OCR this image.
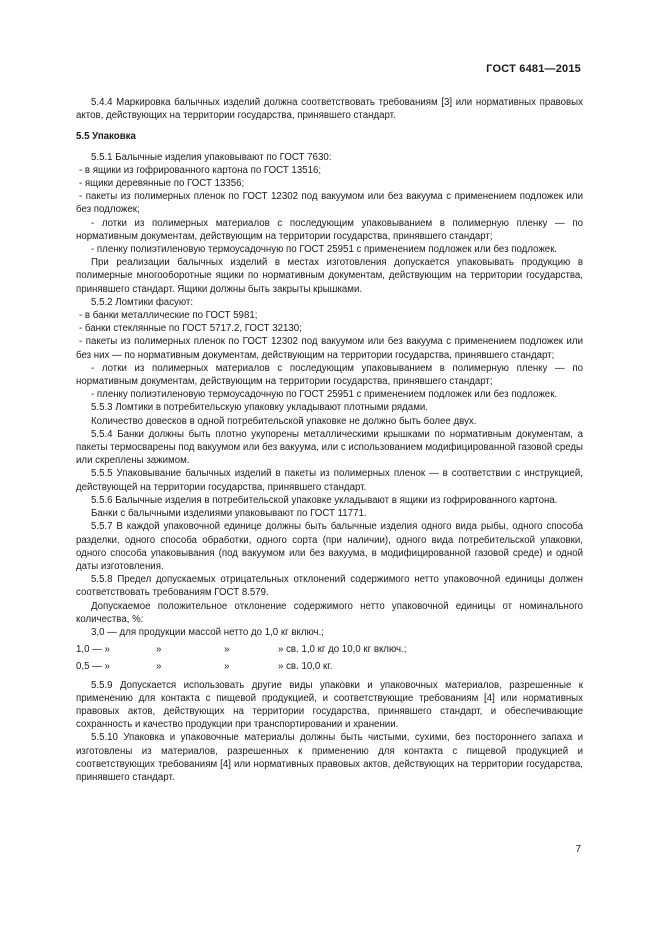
ГОСТ 6481—2015

5.4.4 Маркировка балычных изделий должна соответствовать требованиям [3] или нормативных правовых актов, действующих на территории государства, принявшего стандарт.

5.5 Упаковка

5.5.1 Балычные изделия упаковывают по ГОСТ 7630:

- в ящики из гофрированного картона по ГОСТ 13516;

- ящики деревянные по ГОСТ 13356;

- пакеты из полимерных пленок по ГОСТ 12302 под вакуумом или без вакуума с применением подложек или без подложек;

- лотки из полимерных материалов с последующим упаковыванием в полимерную пленку — по нормативным документам, действующим на территории государства, принявшего стандарт;

- пленку полиэтиленовую термоусадочную по ГОСТ 25951 с применением подложек или без подложек.

При реализации балычных изделий в местах изготовления допускается упаковывать продукцию в полимерные многооборотные ящики по нормативным документам, действующим на территории государства, принявшего стандарт. Ящики должны быть закрыты крышками.

5.5.2 Ломтики фасуют:

- в банки металлические по ГОСТ 5981;

- банки стеклянные по ГОСТ 5717.2, ГОСТ 32130;

- пакеты из полимерных пленок по ГОСТ 12302 под вакуумом или без вакуума с применением подложек или без них — по нормативным документам, действующим на территории государства, принявшего стандарт;

- лотки из полимерных материалов с последующим упаковыванием в полимерную пленку — по нормативным документам, действующим на территории государства, принявшего стандарт;

- пленку полиэтиленовую термоусадочную по ГОСТ 25951 с применением подложек или без подложек.

5.5.3 Ломтики в потребительскую упаковку укладывают плотными рядами.

Количество довесков в одной потребительской упаковке не должно быть более двух.

5.5.4 Банки должны быть плотно укупорены металлическими крышками по нормативным документам, а пакеты термосварены под вакуумом или без вакуума, или с использованием модифицированной газовой среды или скреплены зажимом.

5.5.5 Упаковывание балычных изделий в пакеты из полимерных пленок — в соответствии с инструкцией, действующей на территории государства, принявшего стандарт.

5.5.6 Балычные изделия в потребительской упаковке укладывают в ящики из гофрированного картона.

Банки с балычными изделиями упаковывают по ГОСТ 11771.

5.5.7 В каждой упаковочной единице должны быть балычные изделия одного вида рыбы, одного способа разделки, одного способа обработки, одного сорта (при наличии), одного вида потребительской упаковки, одного способа упаковывания (под вакуумом или без вакуума, в модифицированной газовой среде) и одной даты изготовления.

5.5.8 Предел допускаемых отрицательных отклонений содержимого нетто упаковочной единицы должен соответствовать требованиям ГОСТ 8.579.

Допускаемое положительное отклонение содержимого нетто упаковочной единицы от номинального количества, %:

3,0 — для продукции массой нетто до 1,0 кг включ.;

1,0 — »	»	»	» св. 1,0 кг до 10,0 кг включ.;
0,5 — »	»	»	» св. 10,0 кг.

5.5.9 Допускается использовать другие виды упаковки и упаковочных материалов, разрешенные к применению для контакта с пищевой продукцией, и соответствующие требованиям [4] или нормативных правовых актов, действующих на территории государства, принявшего стандарт, и обеспечивающие сохранность и качество продукции при транспортировании и хранении.

5.5.10 Упаковка и упаковочные материалы должны быть чистыми, сухими, без постороннего запаха и изготовлены из материалов, разрешенных к применению для контакта с пищевой продукцией и соответствующих требованиям [4] или нормативных правовых актов, действующих на территории государства, принявшего стандарт.

7
